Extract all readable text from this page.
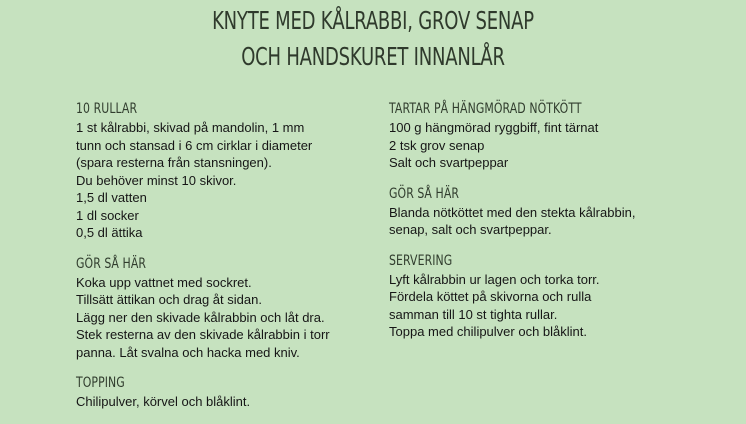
KNYTE MED KÅLRABBI, GROV SENAP
OCH HANDSKURET INNANLÅR
10 RULLAR
1 st kålrabbi, skivad på mandolin, 1 mm
tunn och stansad i 6 cm cirklar i diameter
(spara resterna från stansningen).
Du behöver minst 10 skivor.
1,5 dl vatten
1 dl socker
0,5 dl ättika
GÖR SÅ HÄR
Koka upp vattnet med sockret.
Tillsätt ättikan och drag åt sidan.
Lägg ner den skivade kålrabbin och låt dra.
Stek resterna av den skivade kålrabbin i torr
panna. Låt svalna och hacka med kniv.
TOPPING
Chilipulver, körvel och blåklint.
TARTAR PÅ HÄNGMÖRAD NÖTKÖTT
100 g hängmörad ryggbiff, fint tärnat
2 tsk grov senap
Salt och svartpeppar
GÖR SÅ HÄR
Blanda nötköttet med den stekta kålrabbin,
senap, salt och svartpeppar.
SERVERING
Lyft kålrabbin ur lagen och torka torr.
Fördela köttet på skivorna och rulla
samman till 10 st tighta rullar.
Toppa med chilipulver och blåklint.
